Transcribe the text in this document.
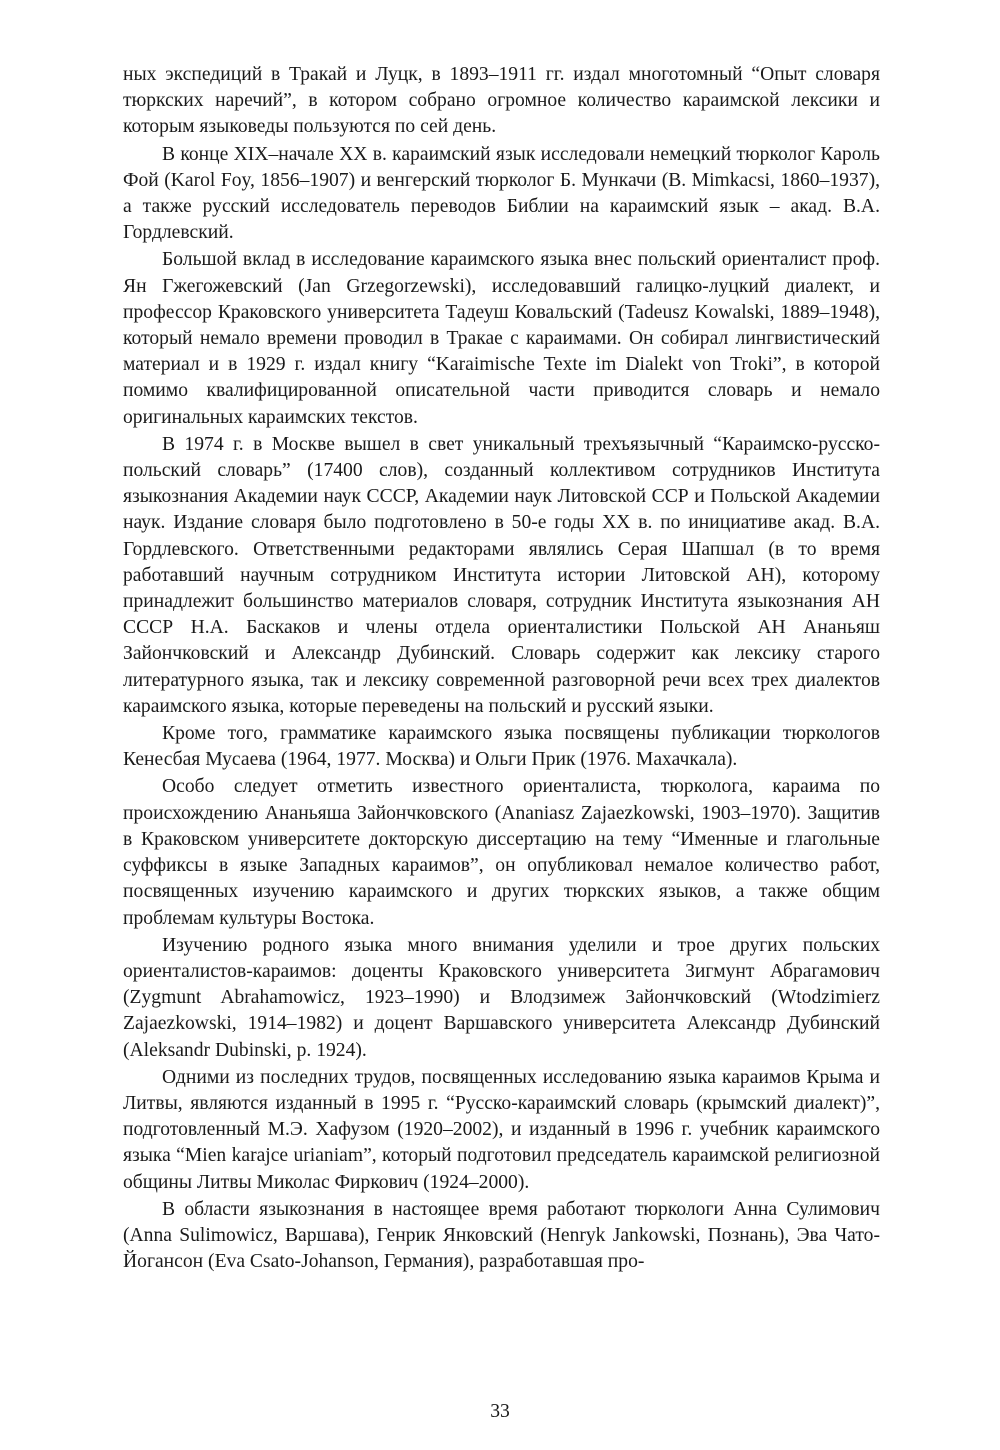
ных экспедиций в Тракай и Луцк, в 1893–1911 гг. издал многотомный “Опыт словаря тюркских наречий”, в котором собрано огромное количество караимской лексики и которым языковеды пользуются по сей день.

В конце XIX–начале XX в. караимский язык исследовали немецкий тюрколог Кароль Фой (Karol Foy, 1856–1907) и венгерский тюрколог Б. Мункачи (B. Mimkacsi, 1860–1937), а также русский исследователь переводов Библии на караимский язык – акад. В.А. Гордлевский.

Большой вклад в исследование караимского языка внес польский ориенталист проф. Ян Гжегожевский (Jan Grzegorzewski), исследовавший галицко-луцкий диалект, и профессор Краковского университета Тадеуш Ковальский (Tadeusz Kowalski, 1889–1948), который немало времени проводил в Тракае с караимами. Он собирал лингвистический материал и в 1929 г. издал книгу “Karaimische Texte im Dialekt von Troki”, в которой помимо квалифицированной описательной части приводится словарь и немало оригинальных караимских текстов.

В 1974 г. в Москве вышел в свет уникальный трехъязычный “Караимско-русско-польский словарь” (17400 слов), созданный коллективом сотрудников Института языкознания Академии наук СССР, Академии наук Литовской ССР и Польской Академии наук. Издание словаря было подготовлено в 50-е годы XX в. по инициативе акад. В.А. Гордлевского. Ответственными редакторами являлись Серая Шапшал (в то время работавший научным сотрудником Института истории Литовской АН), которому принадлежит большинство материалов словаря, сотрудник Института языкознания АН СССР Н.А. Баскаков и члены отдела ориенталистики Польской АН Ананьяш Зайончковский и Александр Дубинский. Словарь содержит как лексику старого литературного языка, так и лексику современной разговорной речи всех трех диалектов караимского языка, которые переведены на польский и русский языки.

Кроме того, грамматике караимского языка посвящены публикации тюркологов Кенесбая Мусаева (1964, 1977. Москва) и Ольги Прик (1976. Махачкала).

Особо следует отметить известного ориенталиста, тюрколога, караима по происхождению Ананьяша Зайончковского (Ananiasz Zajaezkowski, 1903–1970). Защитив в Краковском университете докторскую диссертацию на тему “Именные и глагольные суффиксы в языке Западных караимов”, он опубликовал немалое количество работ, посвященных изучению караимского и других тюркских языков, а также общим проблемам культуры Востока.

Изучению родного языка много внимания уделили и трое других польских ориенталистов-караимов: доценты Краковского университета Зигмунт Абрагамович (Zygmunt Abrahamowicz, 1923–1990) и Влодзимеж Зайончковский (Wtodzimierz Zajaezkowski, 1914–1982) и доцент Варшавского университета Александр Дубинский (Aleksandr Dubinski, р. 1924).

Одними из последних трудов, посвященных исследованию языка караимов Крыма и Литвы, являются изданный в 1995 г. “Русско-караимский словарь (крымский диалект)”, подготовленный М.Э. Хафузом (1920–2002), и изданный в 1996 г. учебник караимского языка “Mien karajce urianiam”, который подготовил председатель караимской религиозной общины Литвы Миколас Фиркович (1924–2000).

В области языкознания в настоящее время работают тюркологи Анна Сулимович (Anna Sulimowicz, Варшава), Генрик Янковский (Henryk Jankowski, Познань), Эва Чато-Йогансон (Eva Csato-Johanson, Германия), разработавшая про-

33
